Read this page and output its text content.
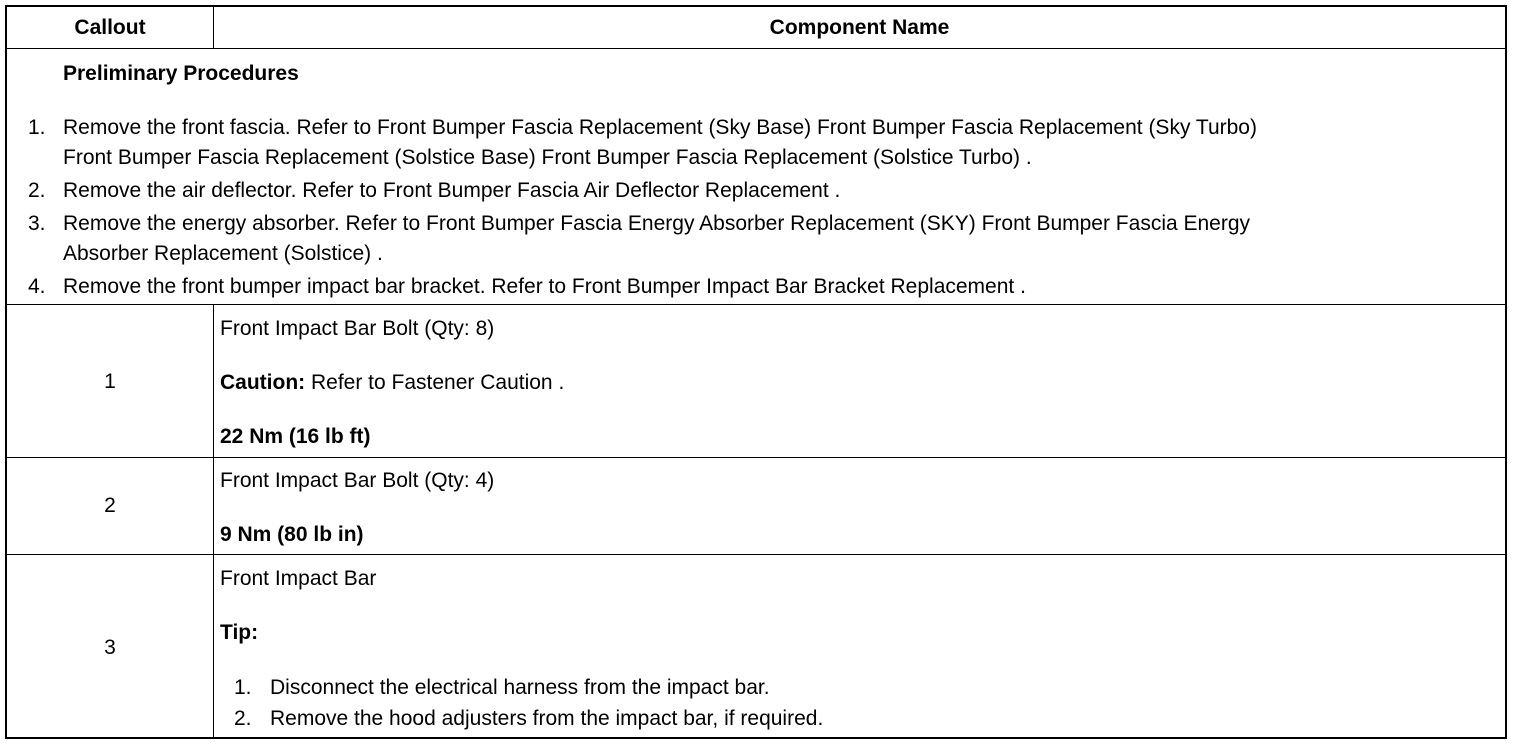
Callout	Component Name
Preliminary Procedures
1. Remove the front fascia. Refer to Front Bumper Fascia Replacement (Sky Base) Front Bumper Fascia Replacement (Sky Turbo)
Front Bumper Fascia Replacement (Solstice Base) Front Bumper Fascia Replacement (Solstice Turbo) .
2. Remove the air deflector. Refer to Front Bumper Fascia Air Deflector Replacement .
3. Remove the energy absorber. Refer to Front Bumper Fascia Energy Absorber Replacement (SKY) Front Bumper Fascia Energy
Absorber Replacement (Solstice) .
4. Remove the front bumper impact bar bracket. Refer to Front Bumper Impact Bar Bracket Replacement .
1
Front Impact Bar Bolt (Qty: 8)
Caution: Refer to Fastener Caution .
22 Nm (16 lb ft)
2
Front Impact Bar Bolt (Qty: 4)
9 Nm (80 lb in)
3
Front Impact Bar
Tip:
1. Disconnect the electrical harness from the impact bar.
2. Remove the hood adjusters from the impact bar, if required.
